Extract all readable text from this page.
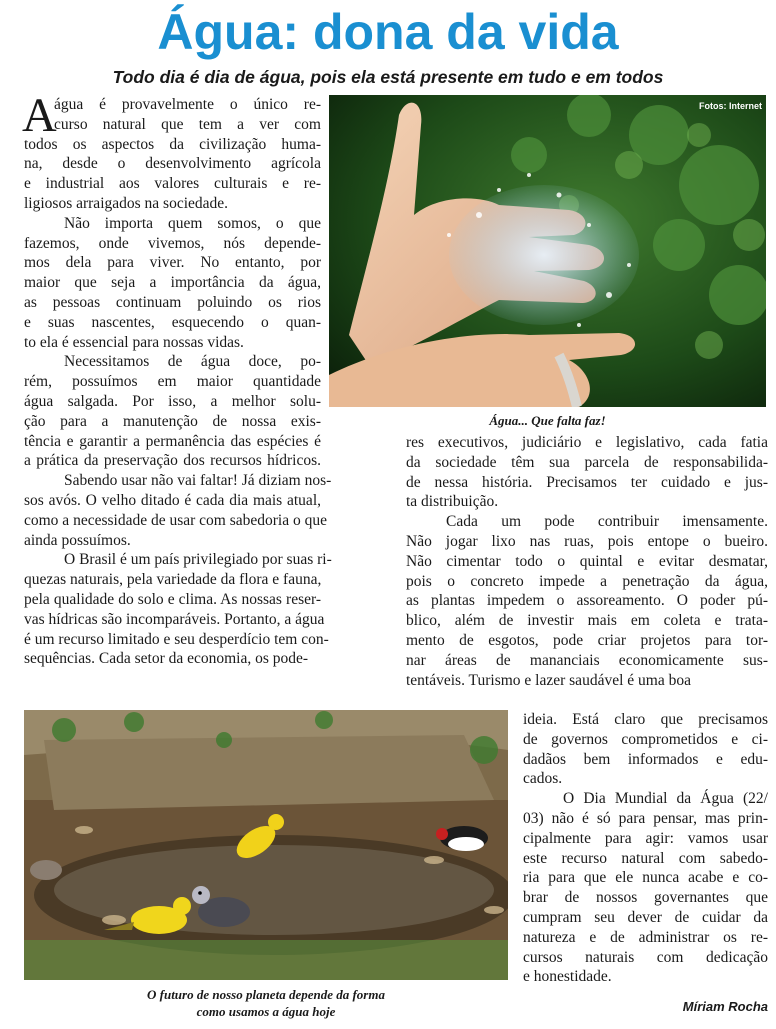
Água: dona da vida
Todo dia é dia de água, pois ela está presente em tudo e em todos
Fotos: Internet
Água... Que falta faz!
O futuro de nosso planeta depende da forma
como usamos a água hoje
A
água é provavelmente o único re-
curso natural que tem a ver com
todos os aspectos da civilização huma-
na, desde o desenvolvimento agrícola
e industrial aos valores culturais e re-
ligiosos arraigados na sociedade.
Não importa quem somos, o que
fazemos, onde vivemos, nós depende-
mos dela para viver. No entanto, por
maior que seja a importância da água,
as pessoas continuam poluindo os rios
e suas nascentes, esquecendo o quan-
to ela é essencial para nossas vidas.
Necessitamos de água doce, po-
rém, possuímos em maior quantidade
água salgada. Por isso, a melhor solu-
ção para a manutenção de nossa exis-
tência e garantir a permanência das espécies é
a prática da preservação dos recursos hídricos.
Sabendo usar não vai faltar! Já diziam nos-
sos avós. O velho ditado é cada dia mais atual,
como a necessidade de usar com sabedoria o que
ainda possuímos.
O Brasil é um país privilegiado por suas ri-
quezas naturais, pela variedade da flora e fauna,
pela qualidade do solo e clima. As nossas reser-
vas hídricas são incomparáveis. Portanto, a água
é um recurso limitado e seu desperdício tem con-
sequências. Cada setor da economia, os pode-
res executivos, judiciário e legislativo, cada fatia
da sociedade têm sua parcela de responsabilida-
de nessa história. Precisamos ter cuidado e jus-
ta distribuição.
Cada um pode contribuir imensamente.
Não jogar lixo nas ruas, pois entope o bueiro.
Não cimentar todo o quintal e evitar desmatar,
pois o concreto impede a penetração da água,
as plantas impedem o assoreamento. O poder pú-
blico, além de investir mais em coleta e trata-
mento de esgotos, pode criar projetos para tor-
nar áreas de mananciais economicamente sus-
tentáveis. Turismo e lazer saudável é uma boa
ideia. Está claro que precisamos
de governos comprometidos e ci-
dadãos bem informados e edu-
cados.
O Dia Mundial da Água (22/
03) não é só para pensar, mas prin-
cipalmente para agir: vamos usar
este recurso natural com sabedo-
ria para que ele nunca acabe e co-
brar de nossos governantes que
cumpram seu dever de cuidar da
natureza e de administrar os re-
cursos naturais com dedicação
e honestidade.
Míriam Rocha
